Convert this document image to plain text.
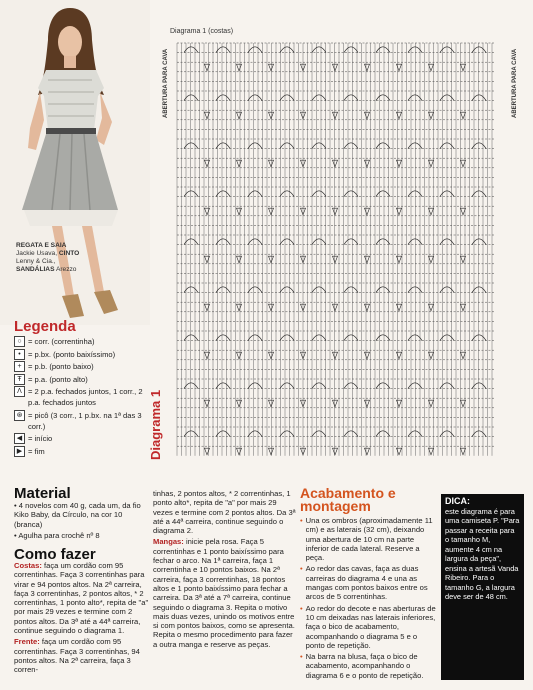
REGATA E SAIA Jackie Usava, CINTO Lenny & Cia., SANDÁLIAS Arezzo
Legenda
○ = corr. (correntinha)
• = p.bx. (ponto baixíssimo)
+ = p.b. (ponto baixo)
Ŧ = p.a. (ponto alto)
Λ = 2 p.a. fechados juntos, 1 corr., 2 p.a. fechados juntos
⊛ = picô (3 corr., 1 p.bx. na 1ª das 3 corr.)
◀ = início
▶ = fim
Diagrama 1 (costas)
ABERTURA PARA CAVA	ABERTURA PARA CAVA
Diagrama 1
Material

• 4 novelos com 40 g, cada um, da fio Kiko Baby, da Círculo, na cor 10 (branca)

• Agulha para crochê nº 8

Como fazer

Costas: faça um cordão com 95 correntinhas. Faça 3 correntinhas para virar e 94 pontos altos. Na 2ª carreira, faça 3 correntinhas, 2 pontos altos, * 2 correntinhas, 1 ponto alto*, repita de "a" por mais 29 vezes e termine com 2 pontos altos. Da 3ª até a 44ª carreira, continue seguindo o diagrama 1.

Frente: faça um cordão com 95 correntinhas. Faça 3 correntinhas, 94 pontos altos. Na 2ª carreira, faça 3 corren-

tinhas, 2 pontos altos, * 2 correntinhas, 1 ponto alto*, repita de "a" por mais 29 vezes e termine com 2 pontos altos. Da 3ª até a 44ª carreira, continue seguindo o diagrama 2.

Mangas: inicie pela rosa. Faça 5 correntinhas e 1 ponto baixíssimo para fechar o arco. Na 1ª carreira, faça 1 correntinha e 10 pontos baixos. Na 2ª carreira, faça 3 correntinhas, 18 pontos altos e 1 ponto baixíssimo para fechar a carreira. Da 3ª até a 7ª carreira, continue seguindo o diagrama 3. Repita o motivo mais duas vezes, unindo os motivos entre si com pontos baixos, como se apresenta. Repita o mesmo procedimento para fazer a outra manga e reserve as peças.

Acabamento e montagem

• Una os ombros (aproximadamente 11 cm) e as laterais (32 cm), deixando uma abertura de 10 cm na parte inferior de cada lateral. Reserve a peça.

• Ao redor das cavas, faça as duas carreiras do diagrama 4 e una as mangas com pontos baixos entre os arcos de 5 correntinhas.

• Ao redor do decote e nas aberturas de 10 cm deixadas nas laterais inferiores, faça o bico de acabamento, acompanhando o diagrama 5 e o ponto de repetição.

• Na barra na blusa, faça o bico de acabamento, acompanhando o diagrama 6 e o ponto de repetição.

DICA:
este diagrama é para uma camiseta P. "Para passar a receita para o tamanho M, aumente 4 cm na largura da peça", ensina a artesã Vanda Ribeiro. Para o tamanho G, a largura deve ser de 48 cm.
